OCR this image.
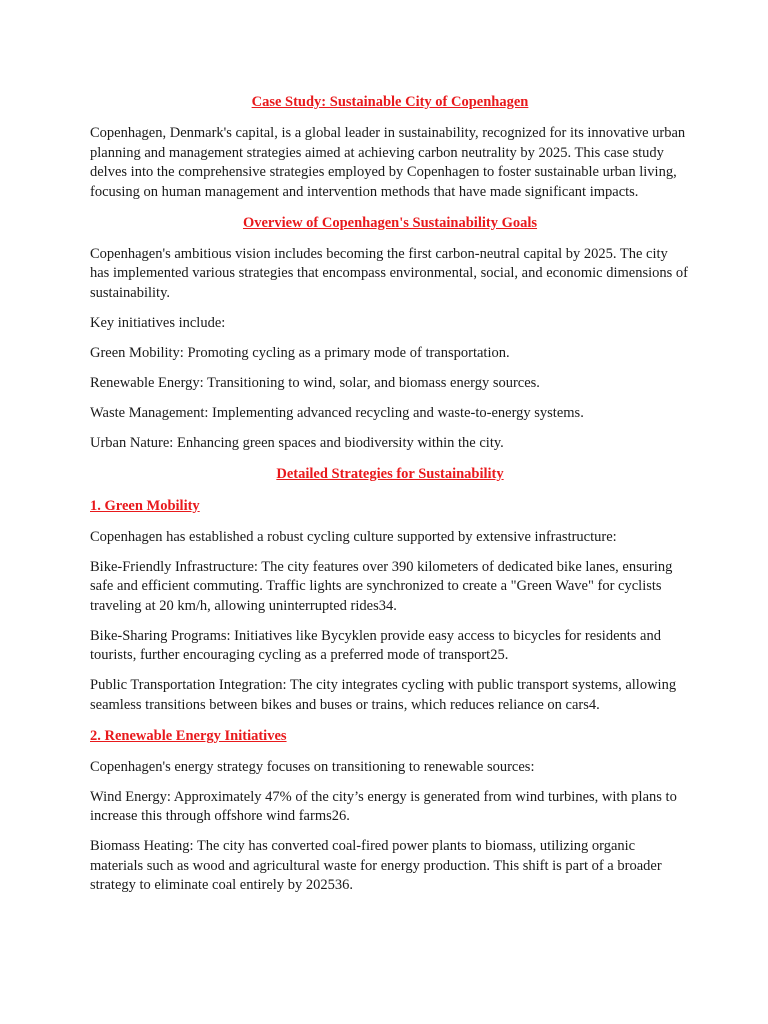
Case Study: Sustainable City of Copenhagen

Copenhagen, Denmark's capital, is a global leader in sustainability, recognized for its innovative urban planning and management strategies aimed at achieving carbon neutrality by 2025. This case study delves into the comprehensive strategies employed by Copenhagen to foster sustainable urban living, focusing on human management and intervention methods that have made significant impacts.

Overview of Copenhagen's Sustainability Goals

Copenhagen's ambitious vision includes becoming the first carbon-neutral capital by 2025. The city has implemented various strategies that encompass environmental, social, and economic dimensions of sustainability.

Key initiatives include:

Green Mobility: Promoting cycling as a primary mode of transportation.

Renewable Energy: Transitioning to wind, solar, and biomass energy sources.

Waste Management: Implementing advanced recycling and waste-to-energy systems.

Urban Nature: Enhancing green spaces and biodiversity within the city.

Detailed Strategies for Sustainability
1. Green Mobility

Copenhagen has established a robust cycling culture supported by extensive infrastructure:

Bike-Friendly Infrastructure: The city features over 390 kilometers of dedicated bike lanes, ensuring safe and efficient commuting. Traffic lights are synchronized to create a "Green Wave" for cyclists traveling at 20 km/h, allowing uninterrupted rides34.

Bike-Sharing Programs: Initiatives like Bycyklen provide easy access to bicycles for residents and tourists, further encouraging cycling as a preferred mode of transport25.

Public Transportation Integration: The city integrates cycling with public transport systems, allowing seamless transitions between bikes and buses or trains, which reduces reliance on cars4.

2. Renewable Energy Initiatives

Copenhagen's energy strategy focuses on transitioning to renewable sources:

Wind Energy: Approximately 47% of the city’s energy is generated from wind turbines, with plans to increase this through offshore wind farms26.

Biomass Heating: The city has converted coal-fired power plants to biomass, utilizing organic materials such as wood and agricultural waste for energy production. This shift is part of a broader strategy to eliminate coal entirely by 202536.
